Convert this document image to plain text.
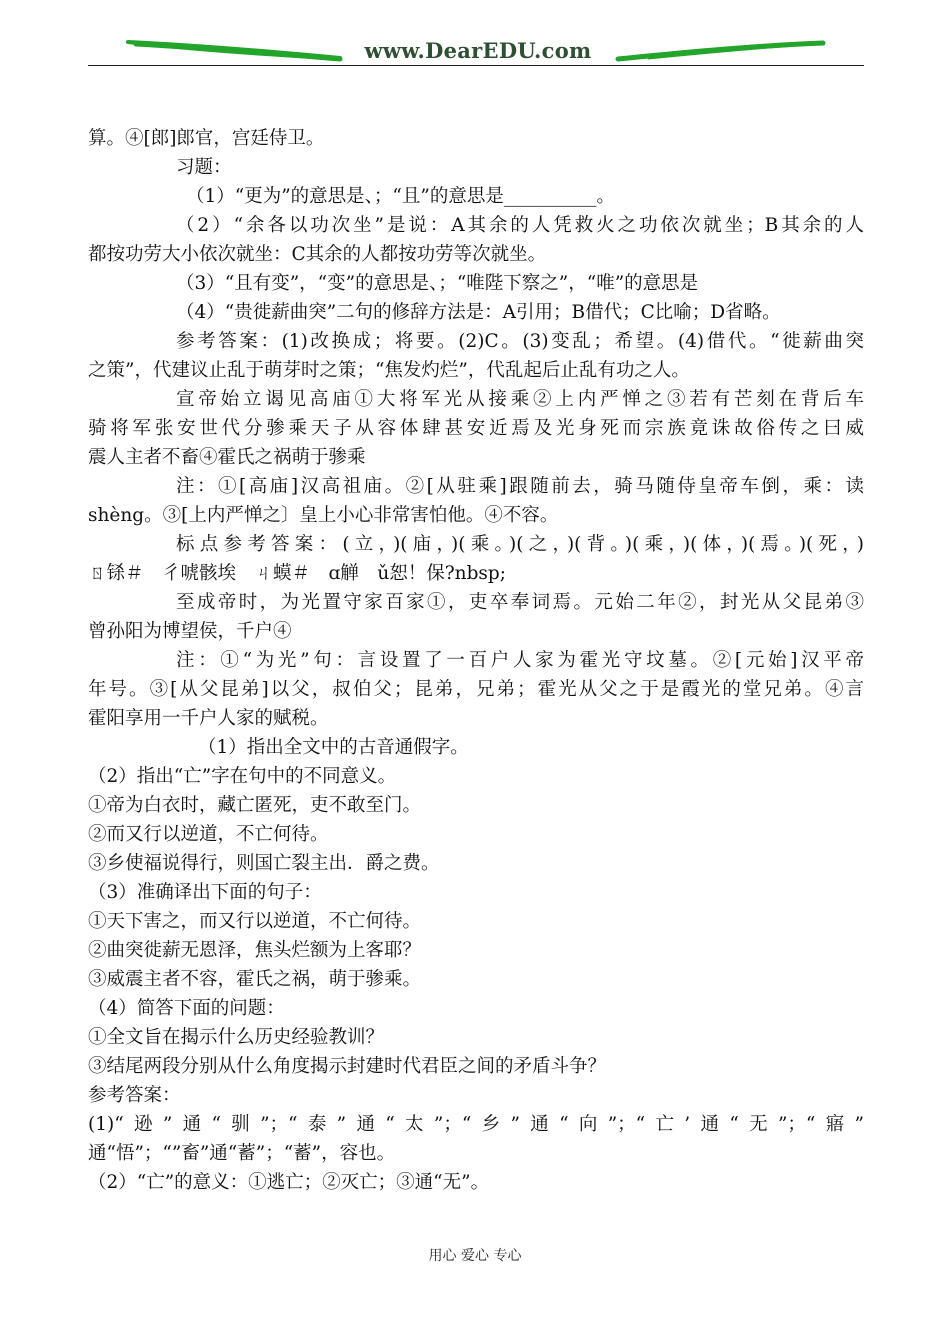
www.DearEDU.com
算。④[郎]郎官，宫廷侍卫。
习题：
（1）“更为”的意思是、；“且”的意思是__________。
（2）“余各以功次坐”是说：A其余的人凭救火之功依次就坐；B其余的人
都按功劳大小依次就坐：C其余的人都按功劳等次就坐。
（3）“且有变”，“变”的意思是、；“唯陛下察之”，“唯”的意思是
（4）“贵徙薪曲突”二句的修辞方法是：A引用；B借代；C比喻；D省略。
参考答案：(1)改换成；将要。(2)C。(3)变乱；希望。(4)借代。“徙薪曲突
之策”，代建议止乱于萌芽时之策；“焦发灼烂”，代乱起后止乱有功之人。
宣帝始立谒见高庙①大将军光从接乘②上内严惮之③若有芒刻在背后车
骑将军张安世代分骖乘天子从容体肆甚安近焉及光身死而宗族竟诛故俗传之曰威
震人主者不畜④霍氏之祸萌于骖乘
注：①[高庙]汉高祖庙。②[从驻乘]跟随前去，骑马随侍皇帝车倒，乘：读
shèng。③[上内严惮之〕皇上小心非常害怕他。④不容。
标点参考答案：(立，)(庙，)(乘。)(之，)(背。)(乘，)(体，)(焉。)(死，)
ㄖ铩＃　彳唬骸埃　ㄐ蟆＃　ɑ觯　ǔ恕！保?nbsp;
至成帝时，为光置守家百家①，吏卒奉词焉。元始二年②，封光从父昆弟③
曾孙阳为博望侯，千户④
注：①“为光”句：言设置了一百户人家为霍光守坟墓。②[元始]汉平帝
年号。③[从父昆弟]以父，叔伯父；昆弟，兄弟；霍光从父之于是霞光的堂兄弟。④言
霍阳享用一千户人家的赋税。
（1）指出全文中的古音通假字。
（2）指出“亡”字在句中的不同意义。
①帝为白衣时，藏亡匿死，吏不敢至门。
②而又行以逆道，不亡何待。
③乡使福说得行，则国亡裂主出．爵之费。
（3）准确译出下面的句子：
①天下害之，而又行以逆道，不亡何待。
②曲突徙薪无恩泽，焦头烂额为上客耶？
③威震主者不容，霍氏之祸，萌于骖乘。
（4）简答下面的问题：
①全文旨在揭示什么历史经验教训？
③结尾两段分别从什么角度揭示封建时代君臣之间的矛盾斗争？
参考答案：
(1)“逊”通“驯”；“泰”通“太”；“乡”通“向”；“亡’通“无”；“寤”
通“悟”；“”畜”通“蓄”；“蓄”，容也。
（2）“亡”的意义：①逃亡；②灭亡；③通“无”。
用心 爱心 专心
